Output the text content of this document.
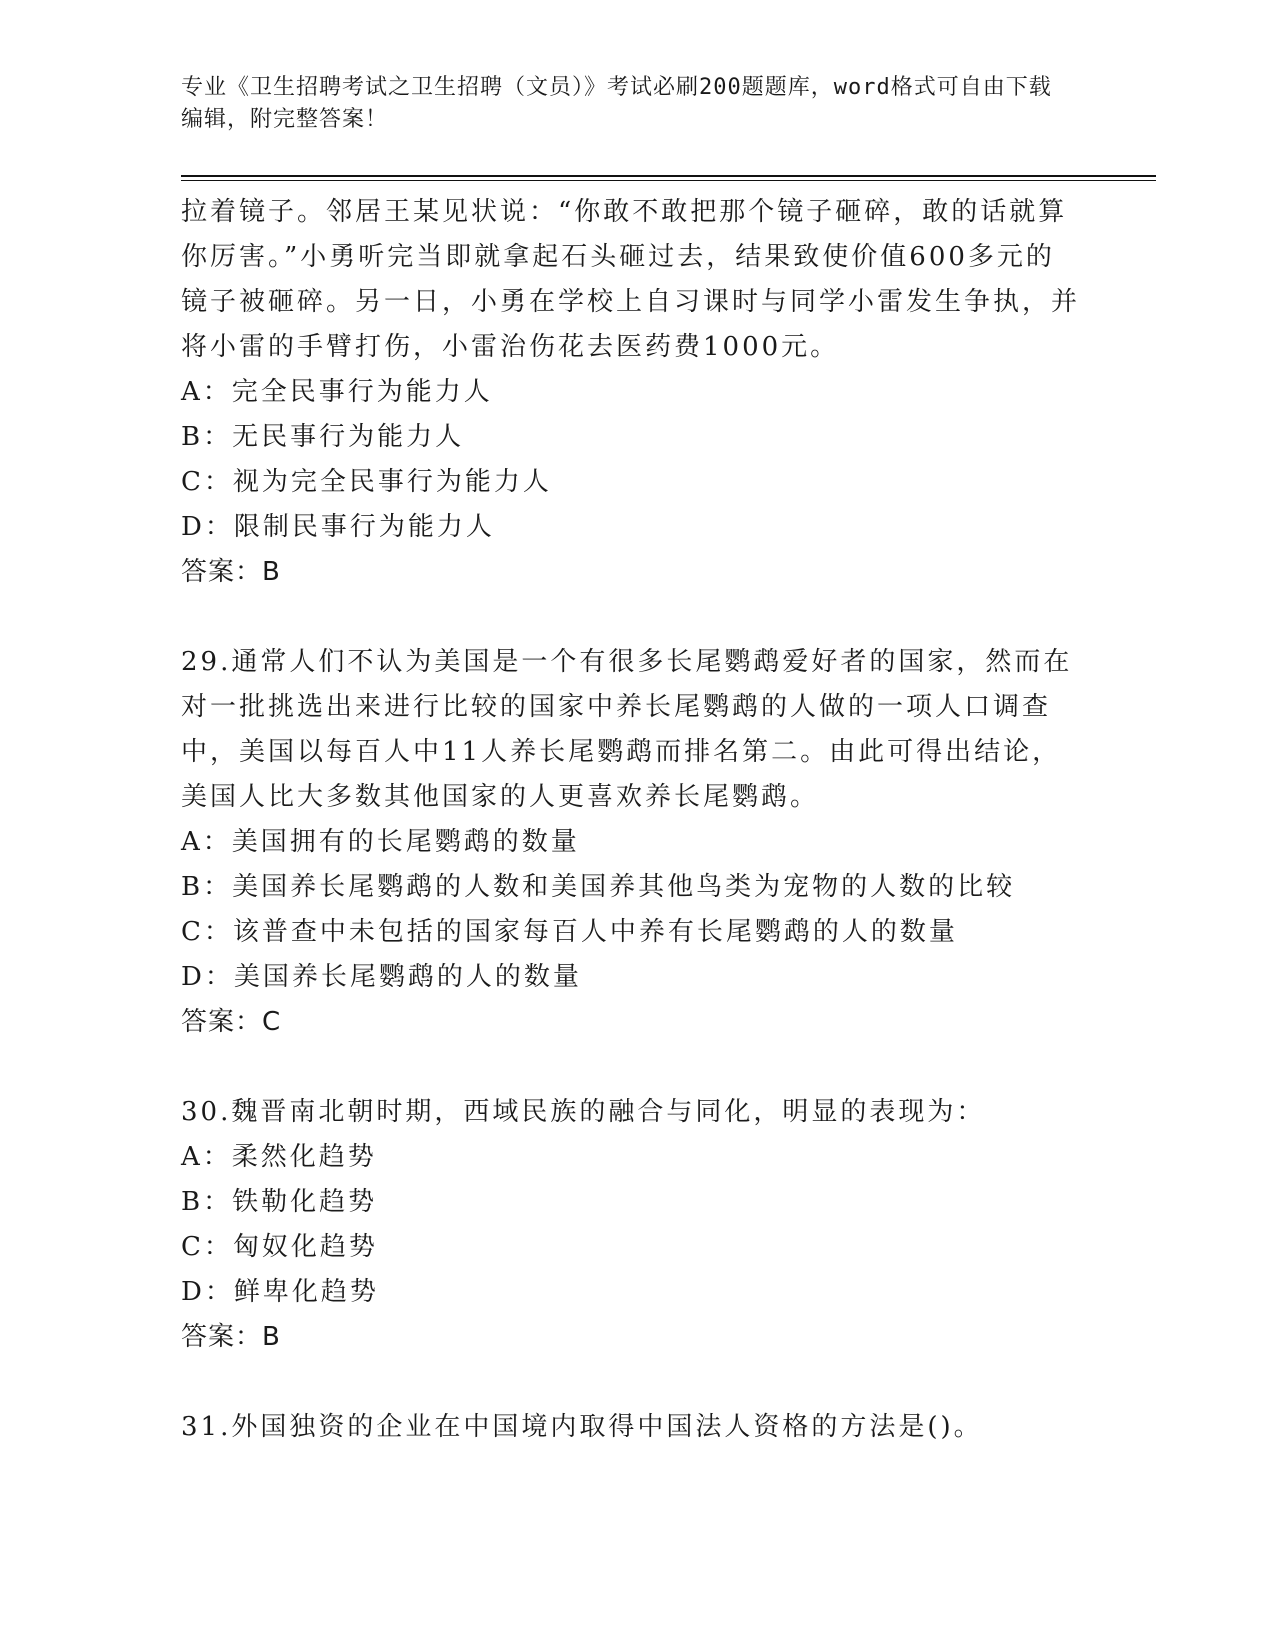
专业《卫生招聘考试之卫生招聘（文员）》考试必刷200题题库，word格式可自由下载编辑，附完整答案！

拉着镜子。邻居王某见状说：“你敢不敢把那个镜子砸碎，敢的话就算你厉害。”小勇听完当即就拿起石头砸过去，结果致使价值600多元的镜子被砸碎。另一日，小勇在学校上自习课时与同学小雷发生争执，并将小雷的手臂打伤，小雷治伤花去医药费1000元。

A：完全民事行为能力人

B：无民事行为能力人

C：视为完全民事行为能力人

D：限制民事行为能力人

答案：B

29.通常人们不认为美国是一个有很多长尾鹦鹉爱好者的国家，然而在对一批挑选出来进行比较的国家中养长尾鹦鹉的人做的一项人口调查中，美国以每百人中11人养长尾鹦鹉而排名第二。由此可得出结论，美国人比大多数其他国家的人更喜欢养长尾鹦鹉。

A：美国拥有的长尾鹦鹉的数量

B：美国养长尾鹦鹉的人数和美国养其他鸟类为宠物的人数的比较

C：该普查中未包括的国家每百人中养有长尾鹦鹉的人的数量

D：美国养长尾鹦鹉的人的数量

答案：C

30.魏晋南北朝时期，西域民族的融合与同化，明显的表现为：

A：柔然化趋势

B：铁勒化趋势

C：匈奴化趋势

D：鲜卑化趋势

答案：B

31.外国独资的企业在中国境内取得中国法人资格的方法是()。
